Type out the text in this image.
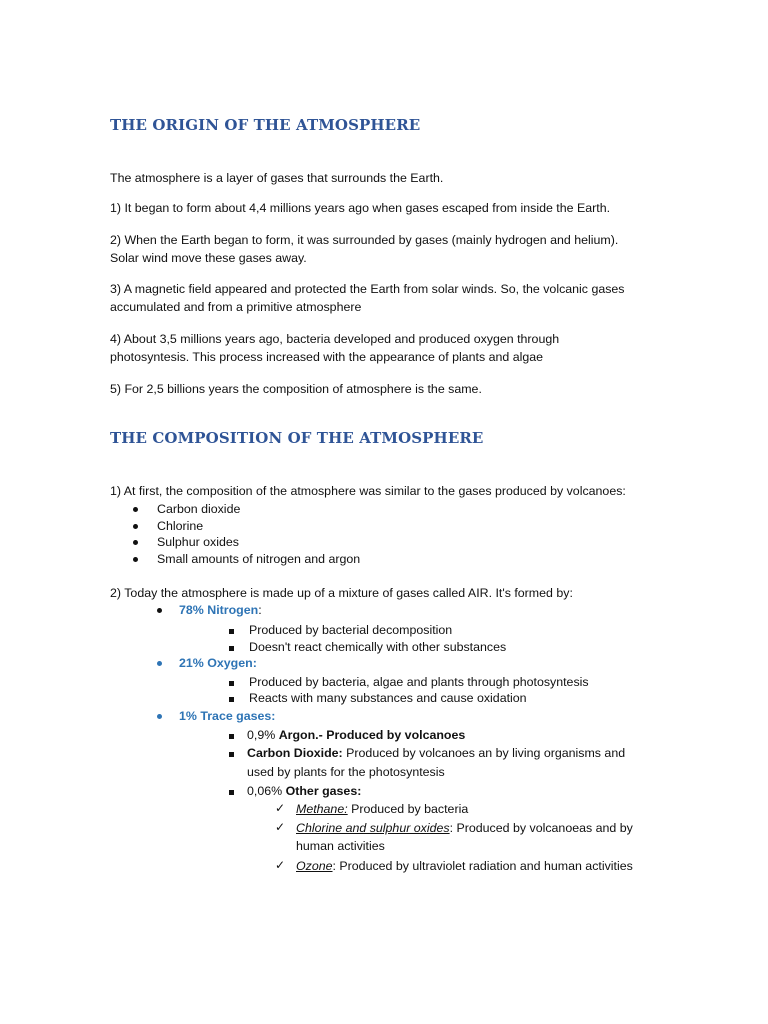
THE ORIGIN OF THE ATMOSPHERE
The atmosphere is a layer of gases that surrounds the Earth.
1) It began to form about 4,4 millions years ago when gases escaped from inside the Earth.
2) When the Earth began to form, it was surrounded by gases (mainly hydrogen and helium).
Solar wind move these gases away.
3) A magnetic field appeared and protected the Earth from solar winds. So, the volcanic gases
accumulated and from a primitive atmosphere
4) About 3,5 millions years ago, bacteria developed and produced oxygen through
photosyntesis. This process increased with the appearance of plants and algae
5) For 2,5 billions years the composition of atmosphere is the same.
THE COMPOSITION OF THE ATMOSPHERE
1) At first, the composition of the atmosphere was similar to the gases produced by volcanoes:
Carbon dioxide
Chlorine
Sulphur oxides
Small amounts of nitrogen and argon
2) Today the atmosphere is made up of a mixture of gases called AIR. It's formed by:
78% Nitrogen:
Produced by bacterial decomposition
Doesn't react chemically with other substances
21% Oxygen:
Produced by bacteria, algae and plants through photosyntesis
Reacts with many substances and cause oxidation
1% Trace gases:
0,9% Argon.- Produced by volcanoes
Carbon Dioxide: Produced by volcanoes an by living organisms and
used by plants for the photosyntesis
0,06% Other gases:
✓ Methane: Produced by bacteria
✓ Chlorine and sulphur oxides: Produced by volcanoeas and by
human activities
✓ Ozone: Produced by ultraviolet radiation and human activities
